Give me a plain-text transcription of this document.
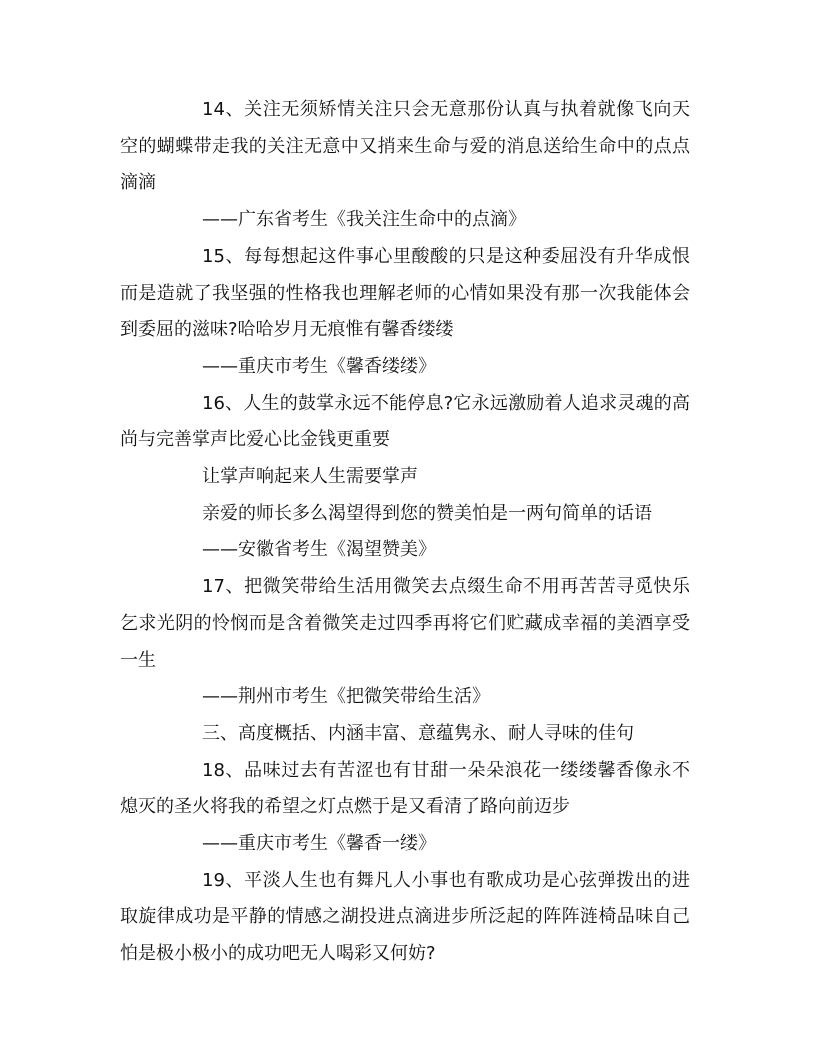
14、关注无须矫情关注只会无意那份认真与执着就像飞向天空的蝴蝶带走我的关注无意中又捎来生命与爱的消息送给生命中的点点滴滴

——广东省考生《我关注生命中的点滴》

15、每每想起这件事心里酸酸的只是这种委屈没有升华成恨而是造就了我坚强的性格我也理解老师的心情如果没有那一次我能体会到委屈的滋味?哈哈岁月无痕惟有馨香缕缕

——重庆市考生《馨香缕缕》

16、人生的鼓掌永远不能停息?它永远激励着人追求灵魂的高尚与完善掌声比爱心比金钱更重要

让掌声响起来人生需要掌声

亲爱的师长多么渴望得到您的赞美怕是一两句简单的话语

——安徽省考生《渴望赞美》

17、把微笑带给生活用微笑去点缀生命不用再苦苦寻觅快乐乞求光阴的怜悯而是含着微笑走过四季再将它们贮藏成幸福的美酒享受一生

——荆州市考生《把微笑带给生活》

三、高度概括、内涵丰富、意蕴隽永、耐人寻味的佳句

18、品味过去有苦涩也有甘甜一朵朵浪花一缕缕馨香像永不熄灭的圣火将我的希望之灯点燃于是又看清了路向前迈步

——重庆市考生《馨香一缕》

19、平淡人生也有舞凡人小事也有歌成功是心弦弹拨出的进取旋律成功是平静的情感之湖投进点滴进步所泛起的阵阵涟椅品味自己怕是极小极小的成功吧无人喝彩又何妨?
